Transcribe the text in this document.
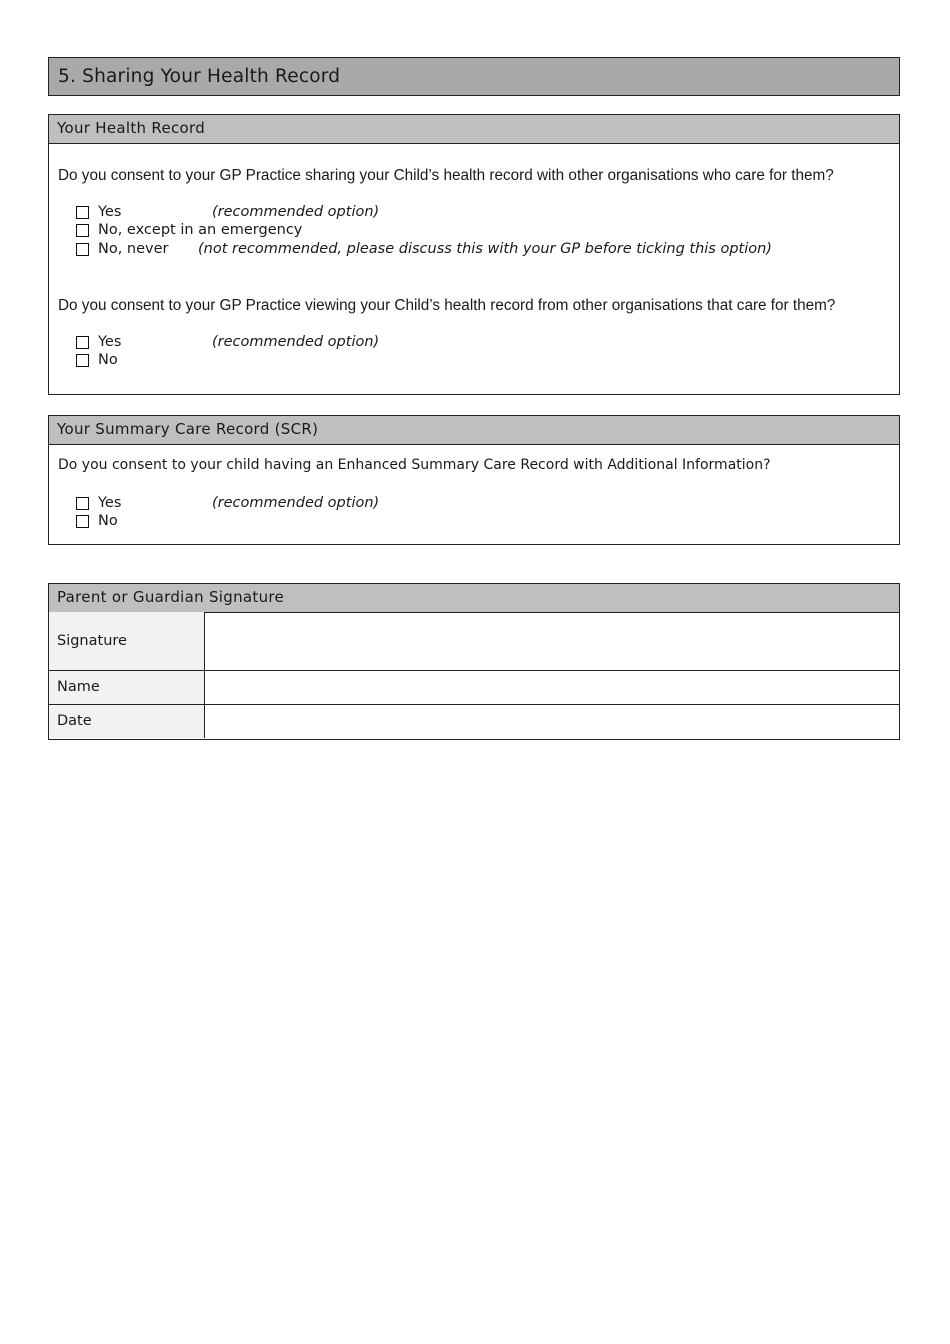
5. Sharing Your Health Record
Your Health Record
Do you consent to your GP Practice sharing your Child’s health record with other organisations who care for them?
Yes	(recommended option)
No, except in an emergency
No, never (not recommended, please discuss this with your GP before ticking this option)
Do you consent to your GP Practice viewing your Child’s health record from other organisations that care for them?
Yes	(recommended option)
No
Your Summary Care Record (SCR)
Do you consent to your child having an Enhanced Summary Care Record with Additional Information?
Yes	(recommended option)
No
Parent or Guardian Signature
Signature	
Name	
Date	
